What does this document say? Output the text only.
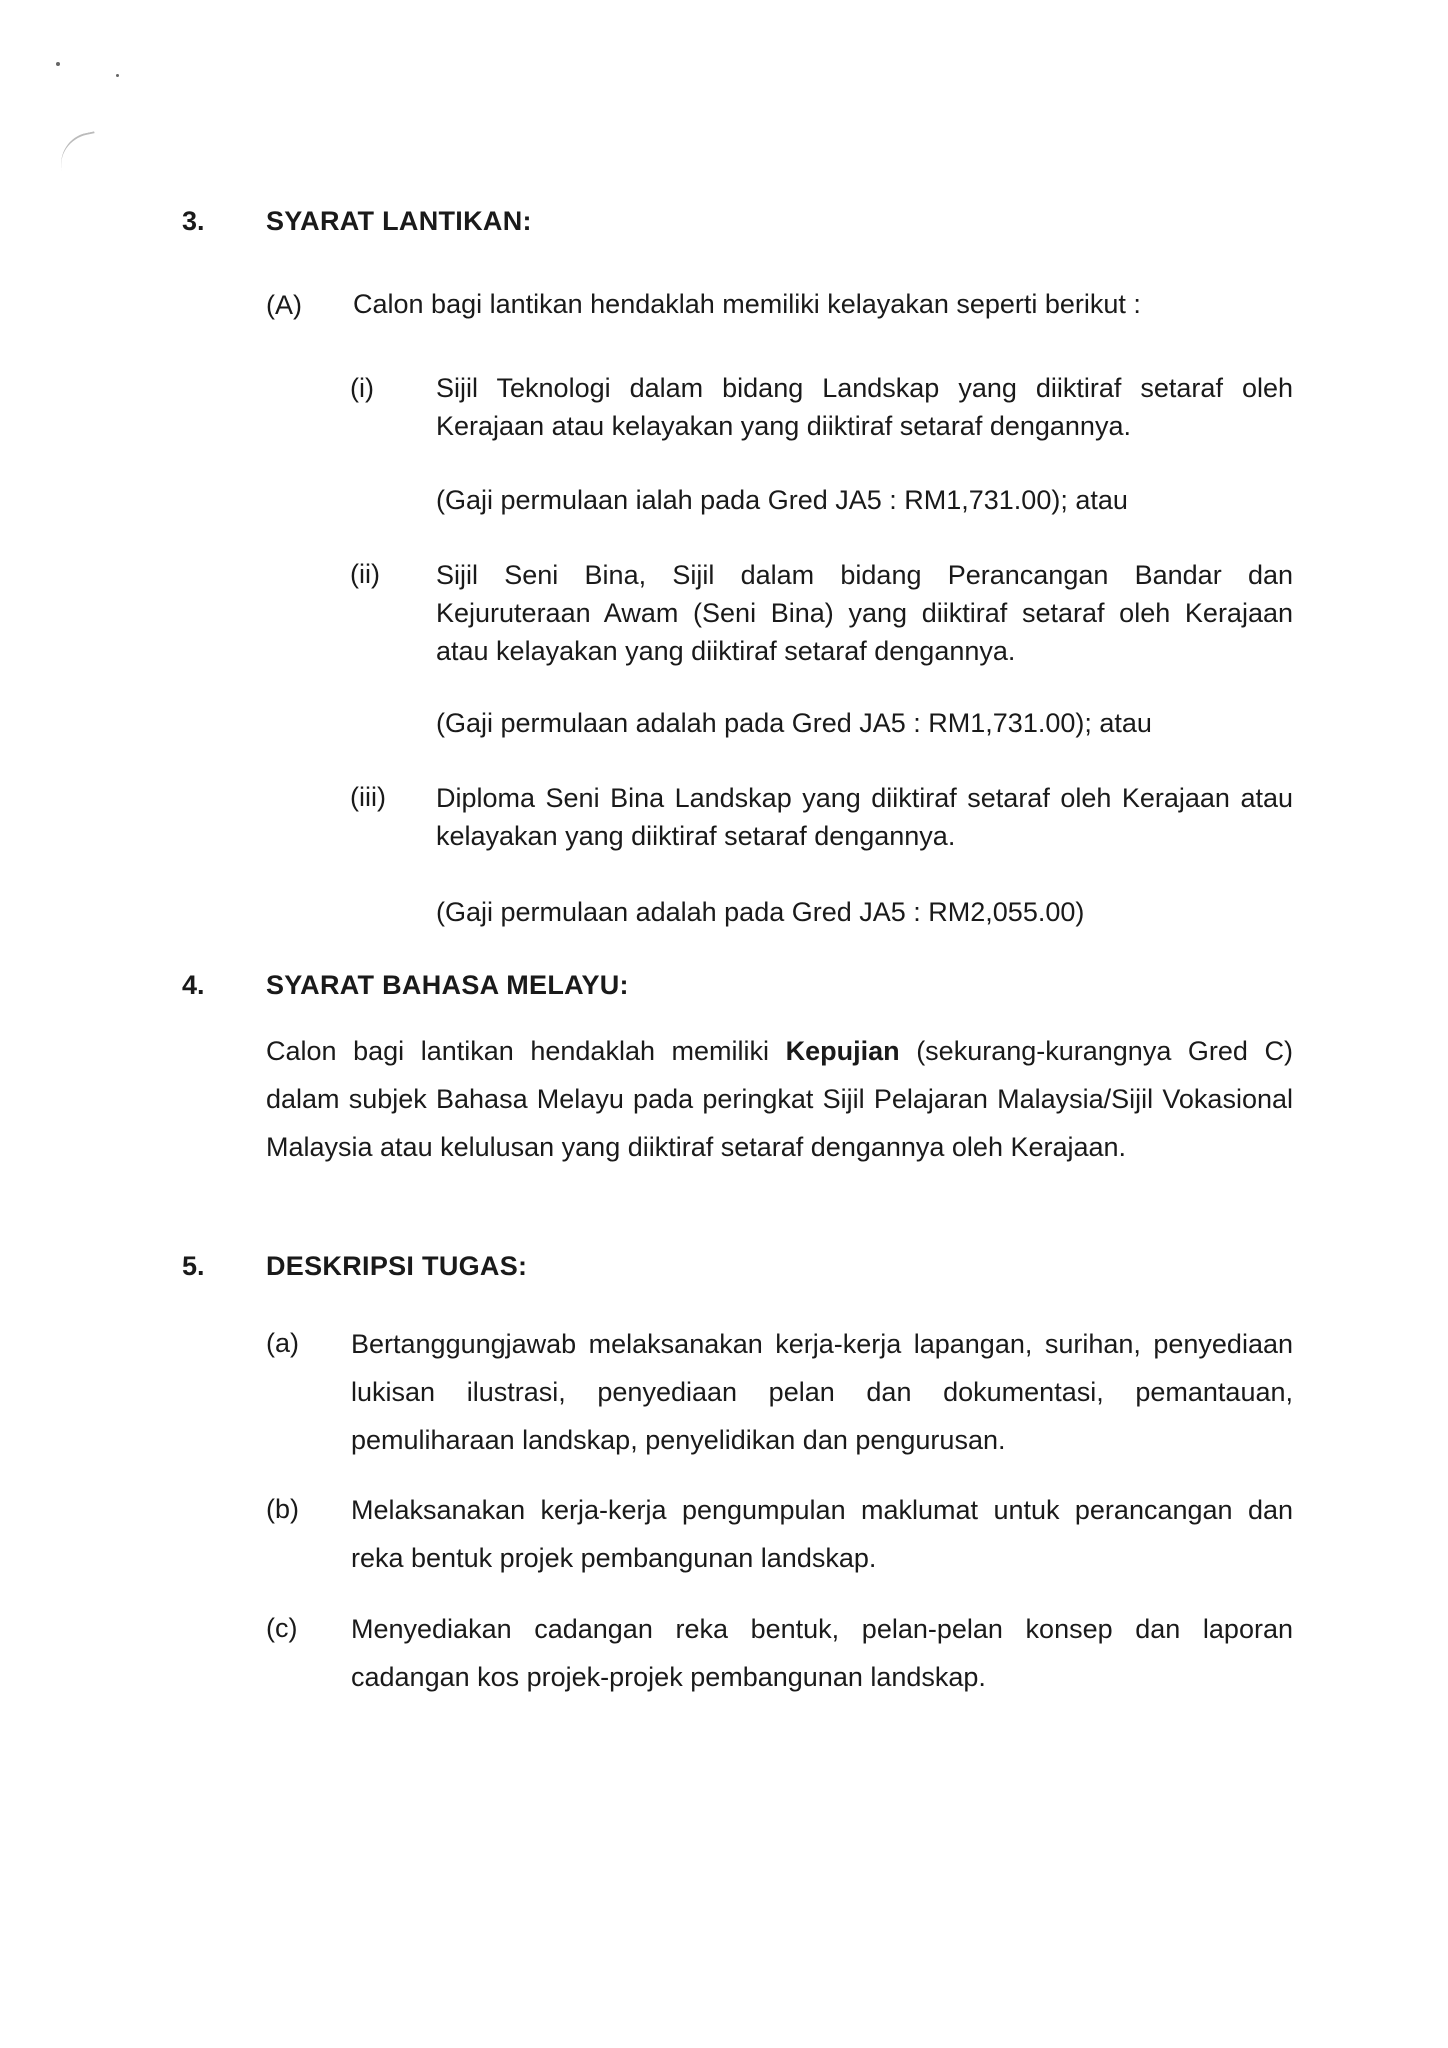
3. SYARAT LANTIKAN:
(A) Calon bagi lantikan hendaklah memiliki kelayakan seperti berikut :
(i) Sijil Teknologi dalam bidang Landskap yang diiktiraf setaraf oleh Kerajaan atau kelayakan yang diiktiraf setaraf dengannya.
(Gaji permulaan ialah pada Gred JA5 : RM1,731.00); atau
(ii) Sijil Seni Bina, Sijil dalam bidang Perancangan Bandar dan Kejuruteraan Awam (Seni Bina) yang diiktiraf setaraf oleh Kerajaan atau kelayakan yang diiktiraf setaraf dengannya.
(Gaji permulaan adalah pada Gred JA5 : RM1,731.00); atau
(iii) Diploma Seni Bina Landskap yang diiktiraf setaraf oleh Kerajaan atau kelayakan yang diiktiraf setaraf dengannya.
(Gaji permulaan adalah pada Gred JA5 : RM2,055.00)
4. SYARAT BAHASA MELAYU:
Calon bagi lantikan hendaklah memiliki Kepujian (sekurang-kurangnya Gred C) dalam subjek Bahasa Melayu pada peringkat Sijil Pelajaran Malaysia/Sijil Vokasional Malaysia atau kelulusan yang diiktiraf setaraf dengannya oleh Kerajaan.
5. DESKRIPSI TUGAS:
(a) Bertanggungjawab melaksanakan kerja-kerja lapangan, surihan, penyediaan lukisan ilustrasi, penyediaan pelan dan dokumentasi, pemantauan, pemuliharaan landskap, penyelidikan dan pengurusan.
(b) Melaksanakan kerja-kerja pengumpulan maklumat untuk perancangan dan reka bentuk projek pembangunan landskap.
(c) Menyediakan cadangan reka bentuk, pelan-pelan konsep dan laporan cadangan kos projek-projek pembangunan landskap.
